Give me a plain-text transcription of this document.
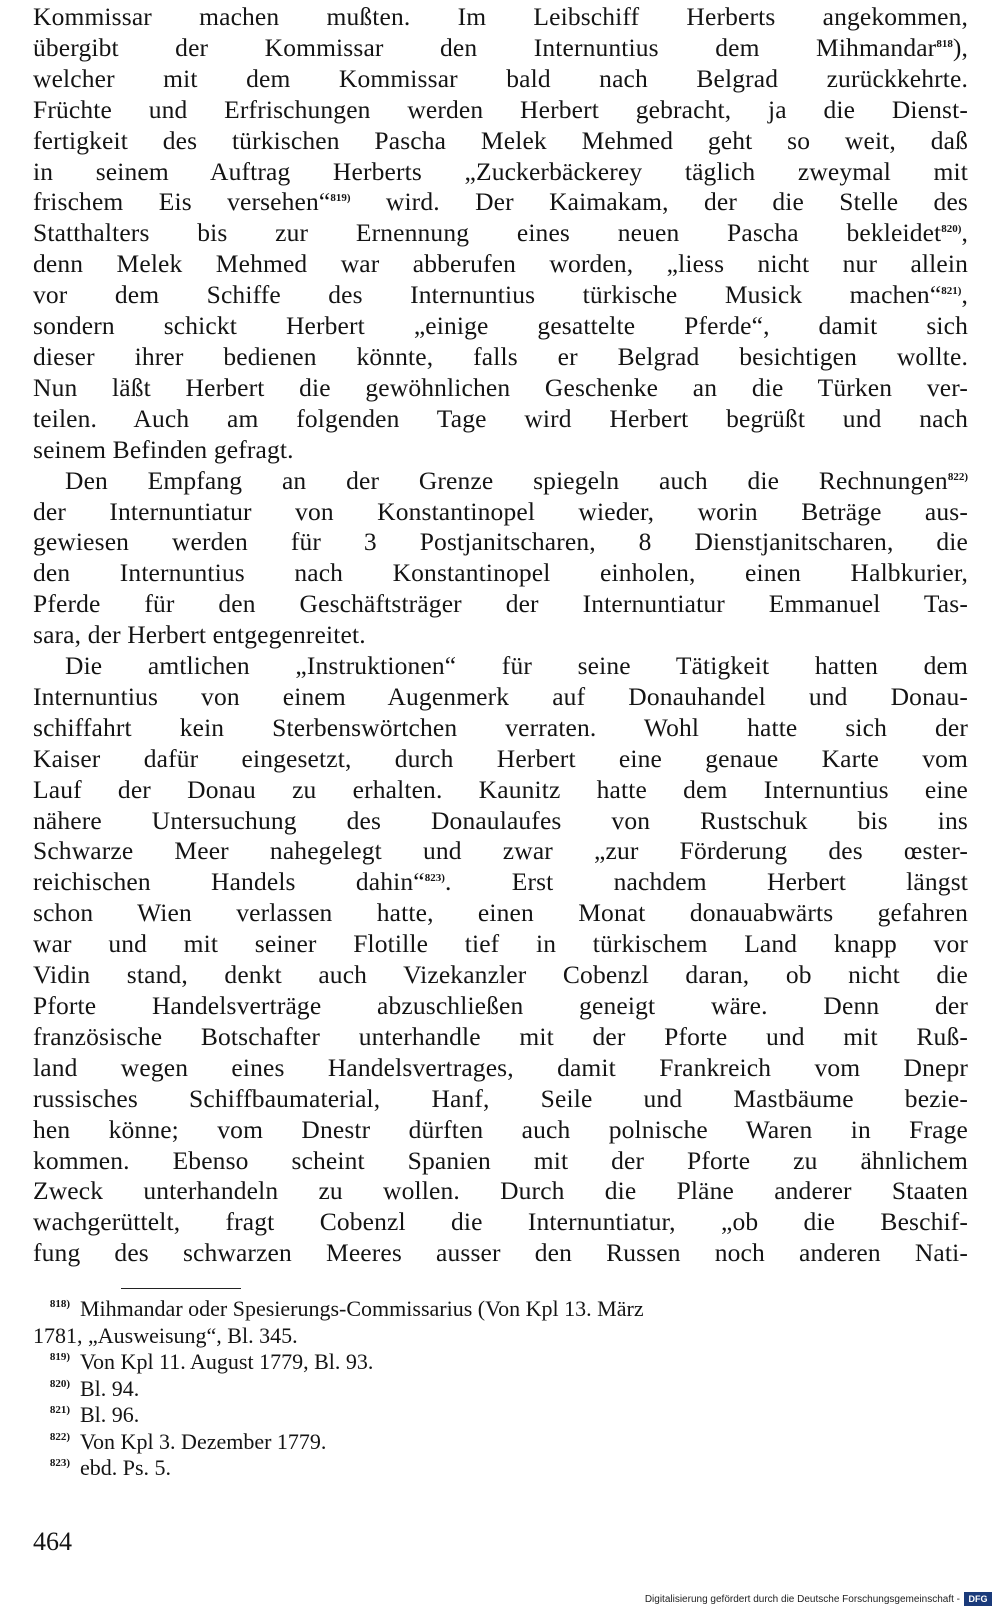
Kommissar machen mußten. Im Leibschiff Herberts angekommen,
übergibt der Kommissar den Internuntius dem Mihmandar$^{818}$),
welcher mit dem Kommissar bald nach Belgrad zurückkehrte.
Früchte und Erfrischungen werden Herbert gebracht, ja die Dienst-
fertigkeit des türkischen Pascha Melek Mehmed geht so weit, daß
in seinem Auftrag Herberts „Zuckerbäckerey täglich zweymal mit
frischem Eis versehen“$^{819)}$ wird. Der Kaimakam, der die Stelle des
Statthalters bis zur Ernennung eines neuen Pascha bekleidet$^{820)}$,
denn Melek Mehmed war abberufen worden, „liess nicht nur allein
vor dem Schiffe des Internuntius türkische Musick machen“$^{821)}$,
sondern schickt Herbert „einige gesattelte Pferde“, damit sich
dieser ihrer bedienen könnte, falls er Belgrad besichtigen wollte.
Nun läßt Herbert die gewöhnlichen Geschenke an die Türken ver-
teilen. Auch am folgenden Tage wird Herbert begrüßt und nach
seinem Befinden gefragt.
Den Empfang an der Grenze spiegeln auch die Rechnungen$^{822)}$
der Internuntiatur von Konstantinopel wieder, worin Beträge aus-
gewiesen werden für 3 Postjanitscharen, 8 Dienstjanitscharen, die
den Internuntius nach Konstantinopel einholen, einen Halbkurier,
Pferde für den Geschäftsträger der Internuntiatur Emmanuel Tas-
sara, der Herbert entgegenreitet.
Die amtlichen „Instruktionen“ für seine Tätigkeit hatten dem
Internuntius von einem Augenmerk auf Donauhandel und Donau-
schiffahrt kein Sterbenswörtchen verraten. Wohl hatte sich der
Kaiser dafür eingesetzt, durch Herbert eine genaue Karte vom
Lauf der Donau zu erhalten. Kaunitz hatte dem Internuntius eine
nähere Untersuchung des Donaulaufes von Rustschuk bis ins
Schwarze Meer nahegelegt und zwar „zur Förderung des œster-
reichischen Handels dahin“$^{823)}$. Erst nachdem Herbert längst
schon Wien verlassen hatte, einen Monat donauabwärts gefahren
war und mit seiner Flotille tief in türkischem Land knapp vor
Vidin stand, denkt auch Vizekanzler Cobenzl daran, ob nicht die
Pforte Handelsverträge abzuschließen geneigt wäre. Denn der
französische Botschafter unterhandle mit der Pforte und mit Ruß-
land wegen eines Handelsvertrages, damit Frankreich vom Dnepr
russisches Schiffbaumaterial, Hanf, Seile und Mastbäume bezie-
hen könne; vom Dnestr dürften auch polnische Waren in Frage
kommen. Ebenso scheint Spanien mit der Pforte zu ähnlichem
Zweck unterhandeln zu wollen. Durch die Pläne anderer Staaten
wachgerüttelt, fragt Cobenzl die Internuntiatur, „ob die Beschif-
fung des schwarzen Meeres ausser den Russen noch anderen Nati-
818) Mihmandar oder Spesierungs-Commissarius (Von Kpl 13. März
1781, „Ausweisung“, Bl. 345.
819) Von Kpl 11. August 1779, Bl. 93.
820) Bl. 94.
821) Bl. 96.
822) Von Kpl 3. Dezember 1779.
823) ebd. Ps. 5.
464
Digitalisierung gefördert durch die Deutsche Forschungsgemeinschaft - DFG
